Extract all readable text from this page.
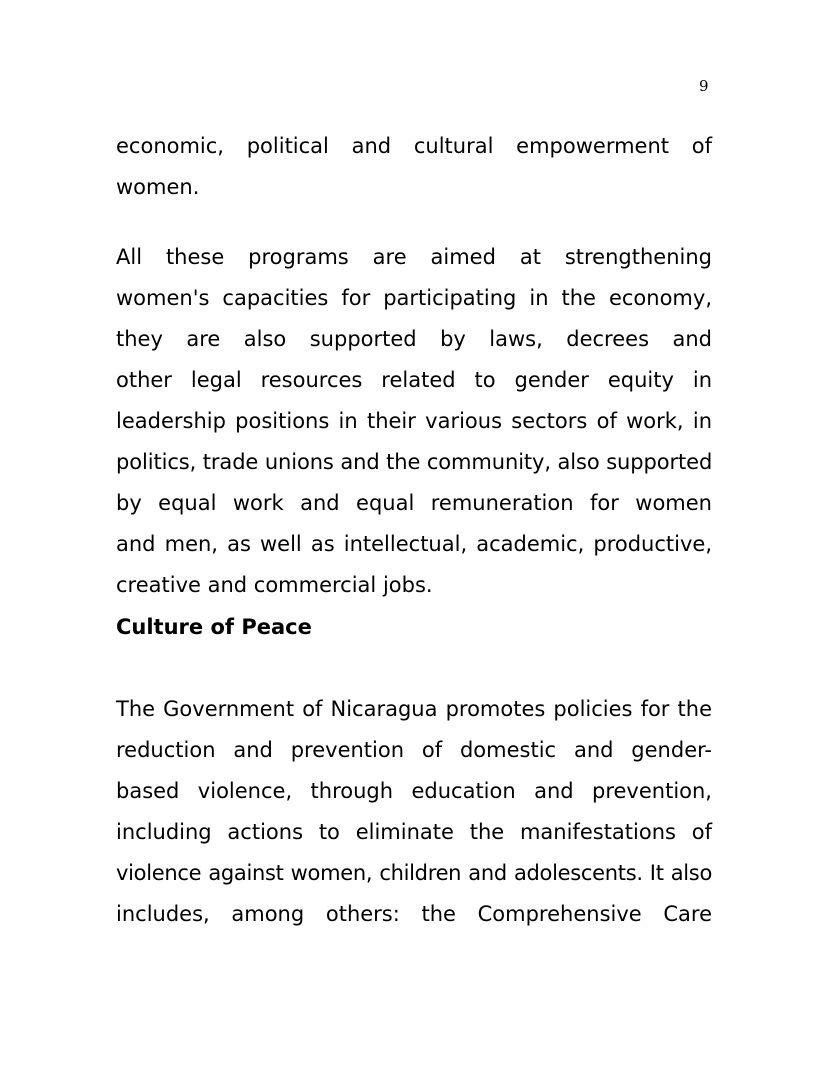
9
economic, political and cultural empowerment of
women.
All these programs are aimed at strengthening
women's capacities for participating in the economy,
they are also supported by laws, decrees and
other legal resources related to gender equity in
leadership positions in their various sectors of work, in
politics, trade unions and the community, also supported
by equal work and equal remuneration for women
and men, as well as intellectual, academic, productive,
creative and commercial jobs.
Culture of Peace
The Government of Nicaragua promotes policies for the
reduction and prevention of domestic and gender-
based violence, through education and prevention,
including actions to eliminate the manifestations of
violence against women, children and adolescents. It also
includes, among others: the Comprehensive Care
